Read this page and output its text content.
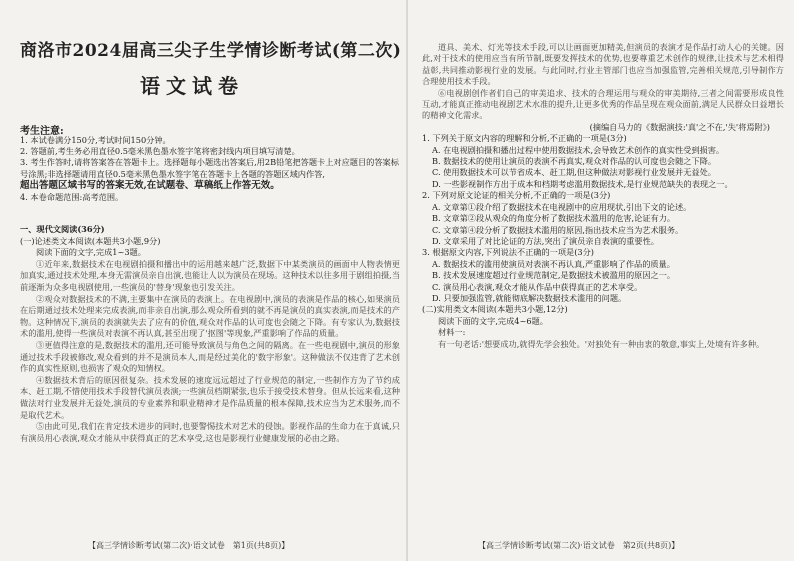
商洛市2024届高三尖子生学情诊断考试(第二次)
语文试卷
考生注意:

1. 本试卷满分150分,考试时间150分钟。

2. 答题前,考生务必用直径0.5毫米黑色墨水签字笔将密封线内项目填写清楚。

3. 考生作答时,请将答案答在答题卡上。选择题每小题选出答案后,用2B铅笔把答题卡上对应题目的答案标号涂黑;非选择题请用直径0.5毫米黑色墨水签字笔在答题卡上各题的答题区域内作答,

超出答题区域书写的答案无效,在试题卷、草稿纸上作答无效。

4. 本卷命题范围:高考范围。

一、现代文阅读(36分)

(一)论述类文本阅读(本题共3小题,9分)

阅读下面的文字,完成1~3题。

①近年来,数据技术在电视剧拍摄和播出中的运用越来越广泛,数据下中某类演员的画面中人物表情更加真实,通过技术处理,本身无需演员亲自出演,也能让人以为演员在现场。这种技术以往多用于剧组拍摄,当前逐渐为众多电视剧使用,一些演员的'替身'现象也引发关注。

②观众对数据技术的不满,主要集中在演员的表演上。在电视剧中,演员的表演是作品的核心,如果演员在后期通过技术处理来完成表演,而非亲自出演,那么观众所看到的就不再是演员的真实表演,而是技术的产物。这种情况下,演员的表演就失去了应有的价值,观众对作品的认可度也会随之下降。有专家认为,数据技术的滥用,使得一些演员对表演不再认真,甚至出现了'抠图'等现象,严重影响了作品的质量。

③更值得注意的是,数据技术的滥用,还可能导致演员与角色之间的隔离。在一些电视剧中,演员的形象通过技术手段被修改,观众看到的并不是演员本人,而是经过美化的'数字形象'。这种做法不仅违背了艺术创作的真实性原则,也损害了观众的知情权。

④数据技术背后的原因很复杂。技术发展的速度远远超过了行业规范的制定,一些制作方为了节约成本、赶工期,不惜使用技术手段替代演员表演;一些演员档期紧张,也乐于接受技术替身。但从长远来看,这种做法对行业发展并无益处,演员的专业素养和职业精神才是作品质量的根本保障,技术应当为艺术服务,而不是取代艺术。

⑤由此可见,我们在肯定技术进步的同时,也要警惕技术对艺术的侵蚀。影视作品的生命力在于真诚,只有演员用心表演,观众才能从中获得真正的艺术享受,这也是影视行业健康发展的必由之路。

【高三学情诊断考试(第二次)·语文试卷　第1页(共8页)】

道具、美术、灯光等技术手段,可以让画面更加精美,但演员的表演才是作品打动人心的关键。因此,对于技术的使用应当有所节制,既要发挥技术的优势,也要尊重艺术创作的规律,让技术与艺术相得益彰,共同推动影视行业的发展。与此同时,行业主管部门也应当加强监管,完善相关规范,引导制作方合理使用技术手段。

⑥电视剧创作者们自己的审美追求、技术的合理运用与观众的审美期待,三者之间需要形成良性互动,才能真正推动电视剧艺术水准的提升,让更多优秀的作品呈现在观众面前,满足人民群众日益增长的精神文化需求。

(摘编自马力的《数据演技:'真'之不在,'失'将焉附》)

1. 下列关于原文内容的理解和分析,不正确的一项是(3分)

A. 在电视剧拍摄和播出过程中使用数据技术,会导致艺术创作的真实性受到损害。

B. 数据技术的使用让演员的表演不再真实,观众对作品的认可度也会随之下降。

C. 使用数据技术可以节省成本、赶工期,但这种做法对影视行业发展并无益处。

D. 一些影视制作方出于成本和档期考虑滥用数据技术,是行业规范缺失的表现之一。

2. 下列对原文论证的相关分析,不正确的一项是(3分)

A. 文章第①段介绍了数据技术在电视剧中的应用现状,引出下文的论述。

B. 文章第②段从观众的角度分析了数据技术滥用的危害,论证有力。

C. 文章第④段分析了数据技术滥用的原因,指出技术应当为艺术服务。

D. 文章采用了对比论证的方法,突出了演员亲自表演的重要性。

3. 根据原文内容,下列说法不正确的一项是(3分)

A. 数据技术的滥用使演员对表演不再认真,严重影响了作品的质量。

B. 技术发展速度超过行业规范制定,是数据技术被滥用的原因之一。

C. 演员用心表演,观众才能从作品中获得真正的艺术享受。

D. 只要加强监管,就能彻底解决数据技术滥用的问题。

(二)实用类文本阅读(本题共3小题,12分)

阅读下面的文字,完成4~6题。

材料一:

有一句老话:'想要成功,就得先学会独处。'对独处有一种由衷的敬意,事实上,处境有许多种。

【高三学情诊断考试(第二次)·语文试卷　第2页(共8页)】
